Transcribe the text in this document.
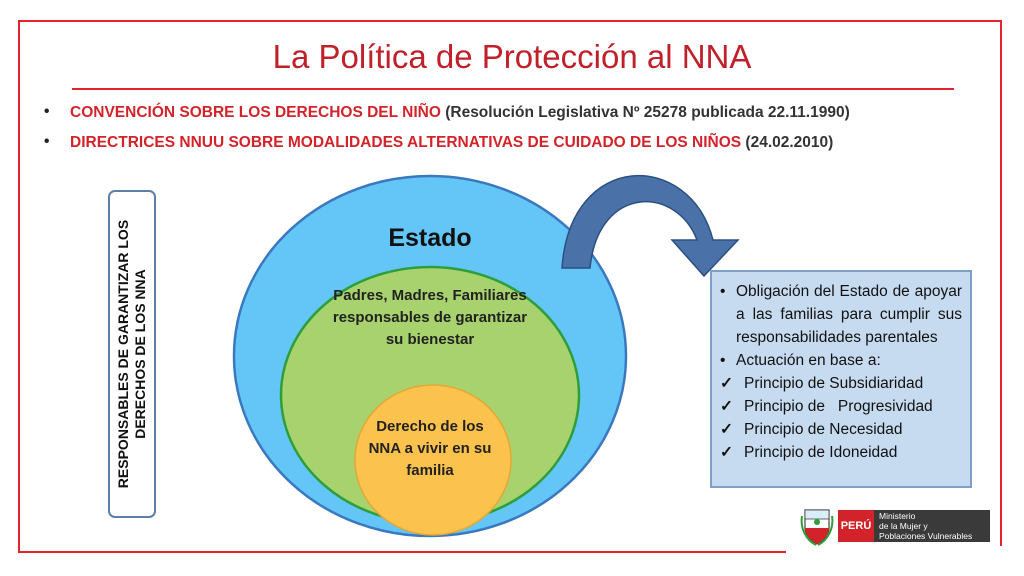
La Política de Protección al NNA
• CONVENCIÓN SOBRE LOS DERECHOS DEL NIÑO (Resolución Legislativa Nº 25278 publicada 22.11.1990)
• DIRECTRICES NNUU SOBRE MODALIDADES ALTERNATIVAS DE CUIDADO DE LOS NIÑOS (24.02.2010)
RESPONSABLES DE GARANTIZAR LOS DERECHOS DE LOS NNA
Estado
Padres, Madres, Familiares responsables de garantizar su bienestar
Derecho de los NNA a vivir en su familia
• Obligación del Estado de apoyar a las familias para cumplir sus responsabilidades parentales
• Actuación en base a:
✓ Principio de Subsidiaridad
✓ Principio de   Progresividad
✓ Principio de Necesidad
✓ Principio de Idoneidad
PERÚ
Ministerio
de la Mujer y
Poblaciones Vulnerables
